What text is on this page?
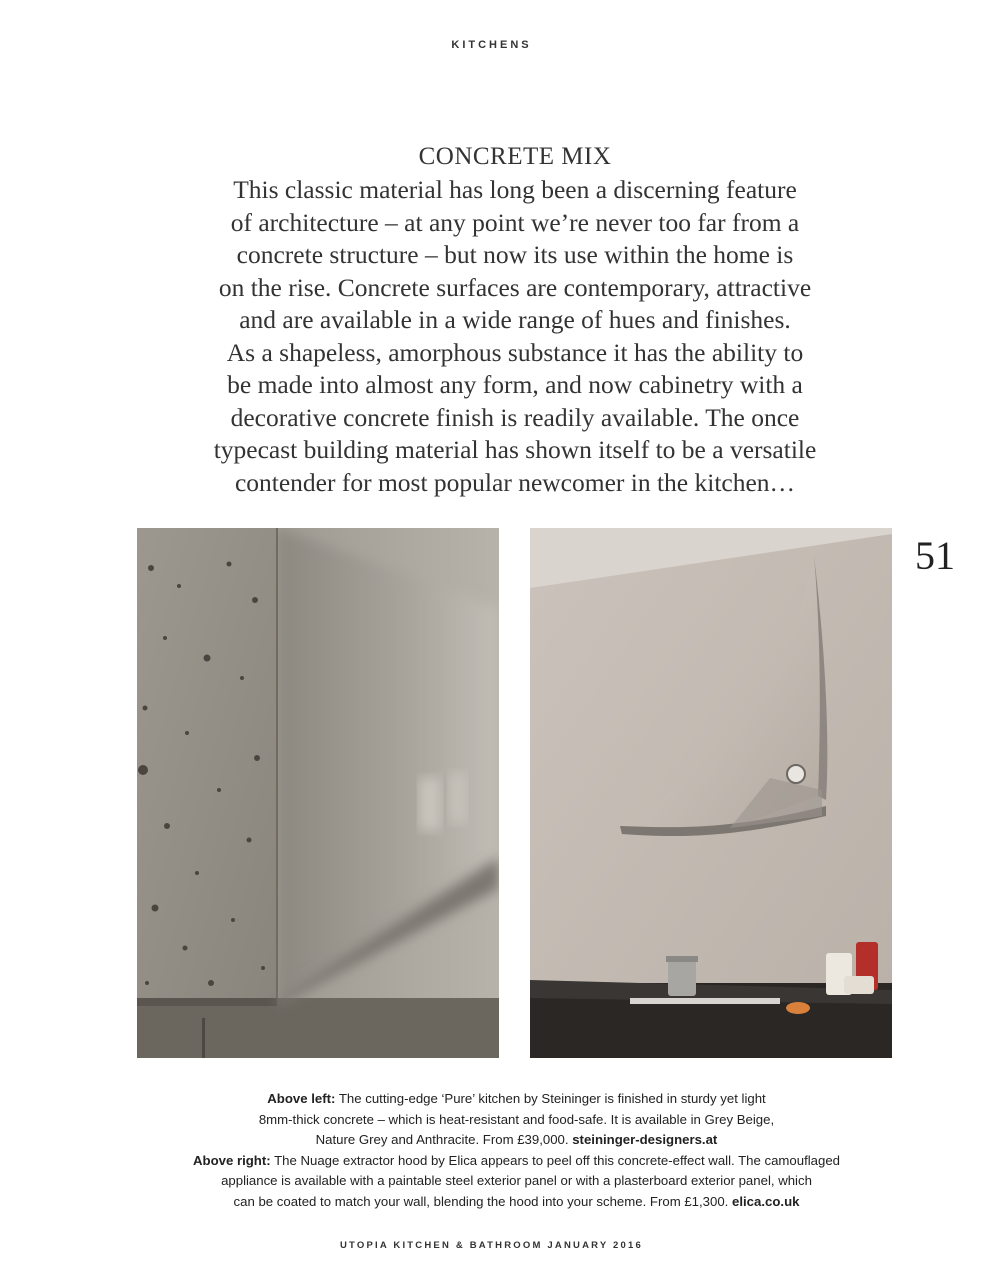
KITCHENS
CONCRETE MIX
This classic material has long been a discerning feature
of architecture – at any point we’re never too far from a
concrete structure – but now its use within the home is
on the rise. Concrete surfaces are contemporary, attractive
and are available in a wide range of hues and finishes.
As a shapeless, amorphous substance it has the ability to
be made into almost any form, and now cabinetry with a
decorative concrete finish is readily available. The once
typecast building material has shown itself to be a versatile
contender for most popular newcomer in the kitchen…
51
Above left: The cutting-edge ‘Pure’ kitchen by Steininger is finished in sturdy yet light
8mm-thick concrete – which is heat-resistant and food-safe. It is available in Grey Beige,
Nature Grey and Anthracite. From £39,000. steininger-designers.at
Above right: The Nuage extractor hood by Elica appears to peel off this concrete-effect wall. The camouflaged
appliance is available with a paintable steel exterior panel or with a plasterboard exterior panel, which
can be coated to match your wall, blending the hood into your scheme. From £1,300. elica.co.uk
UTOPIA KITCHEN & BATHROOM JANUARY 2016
